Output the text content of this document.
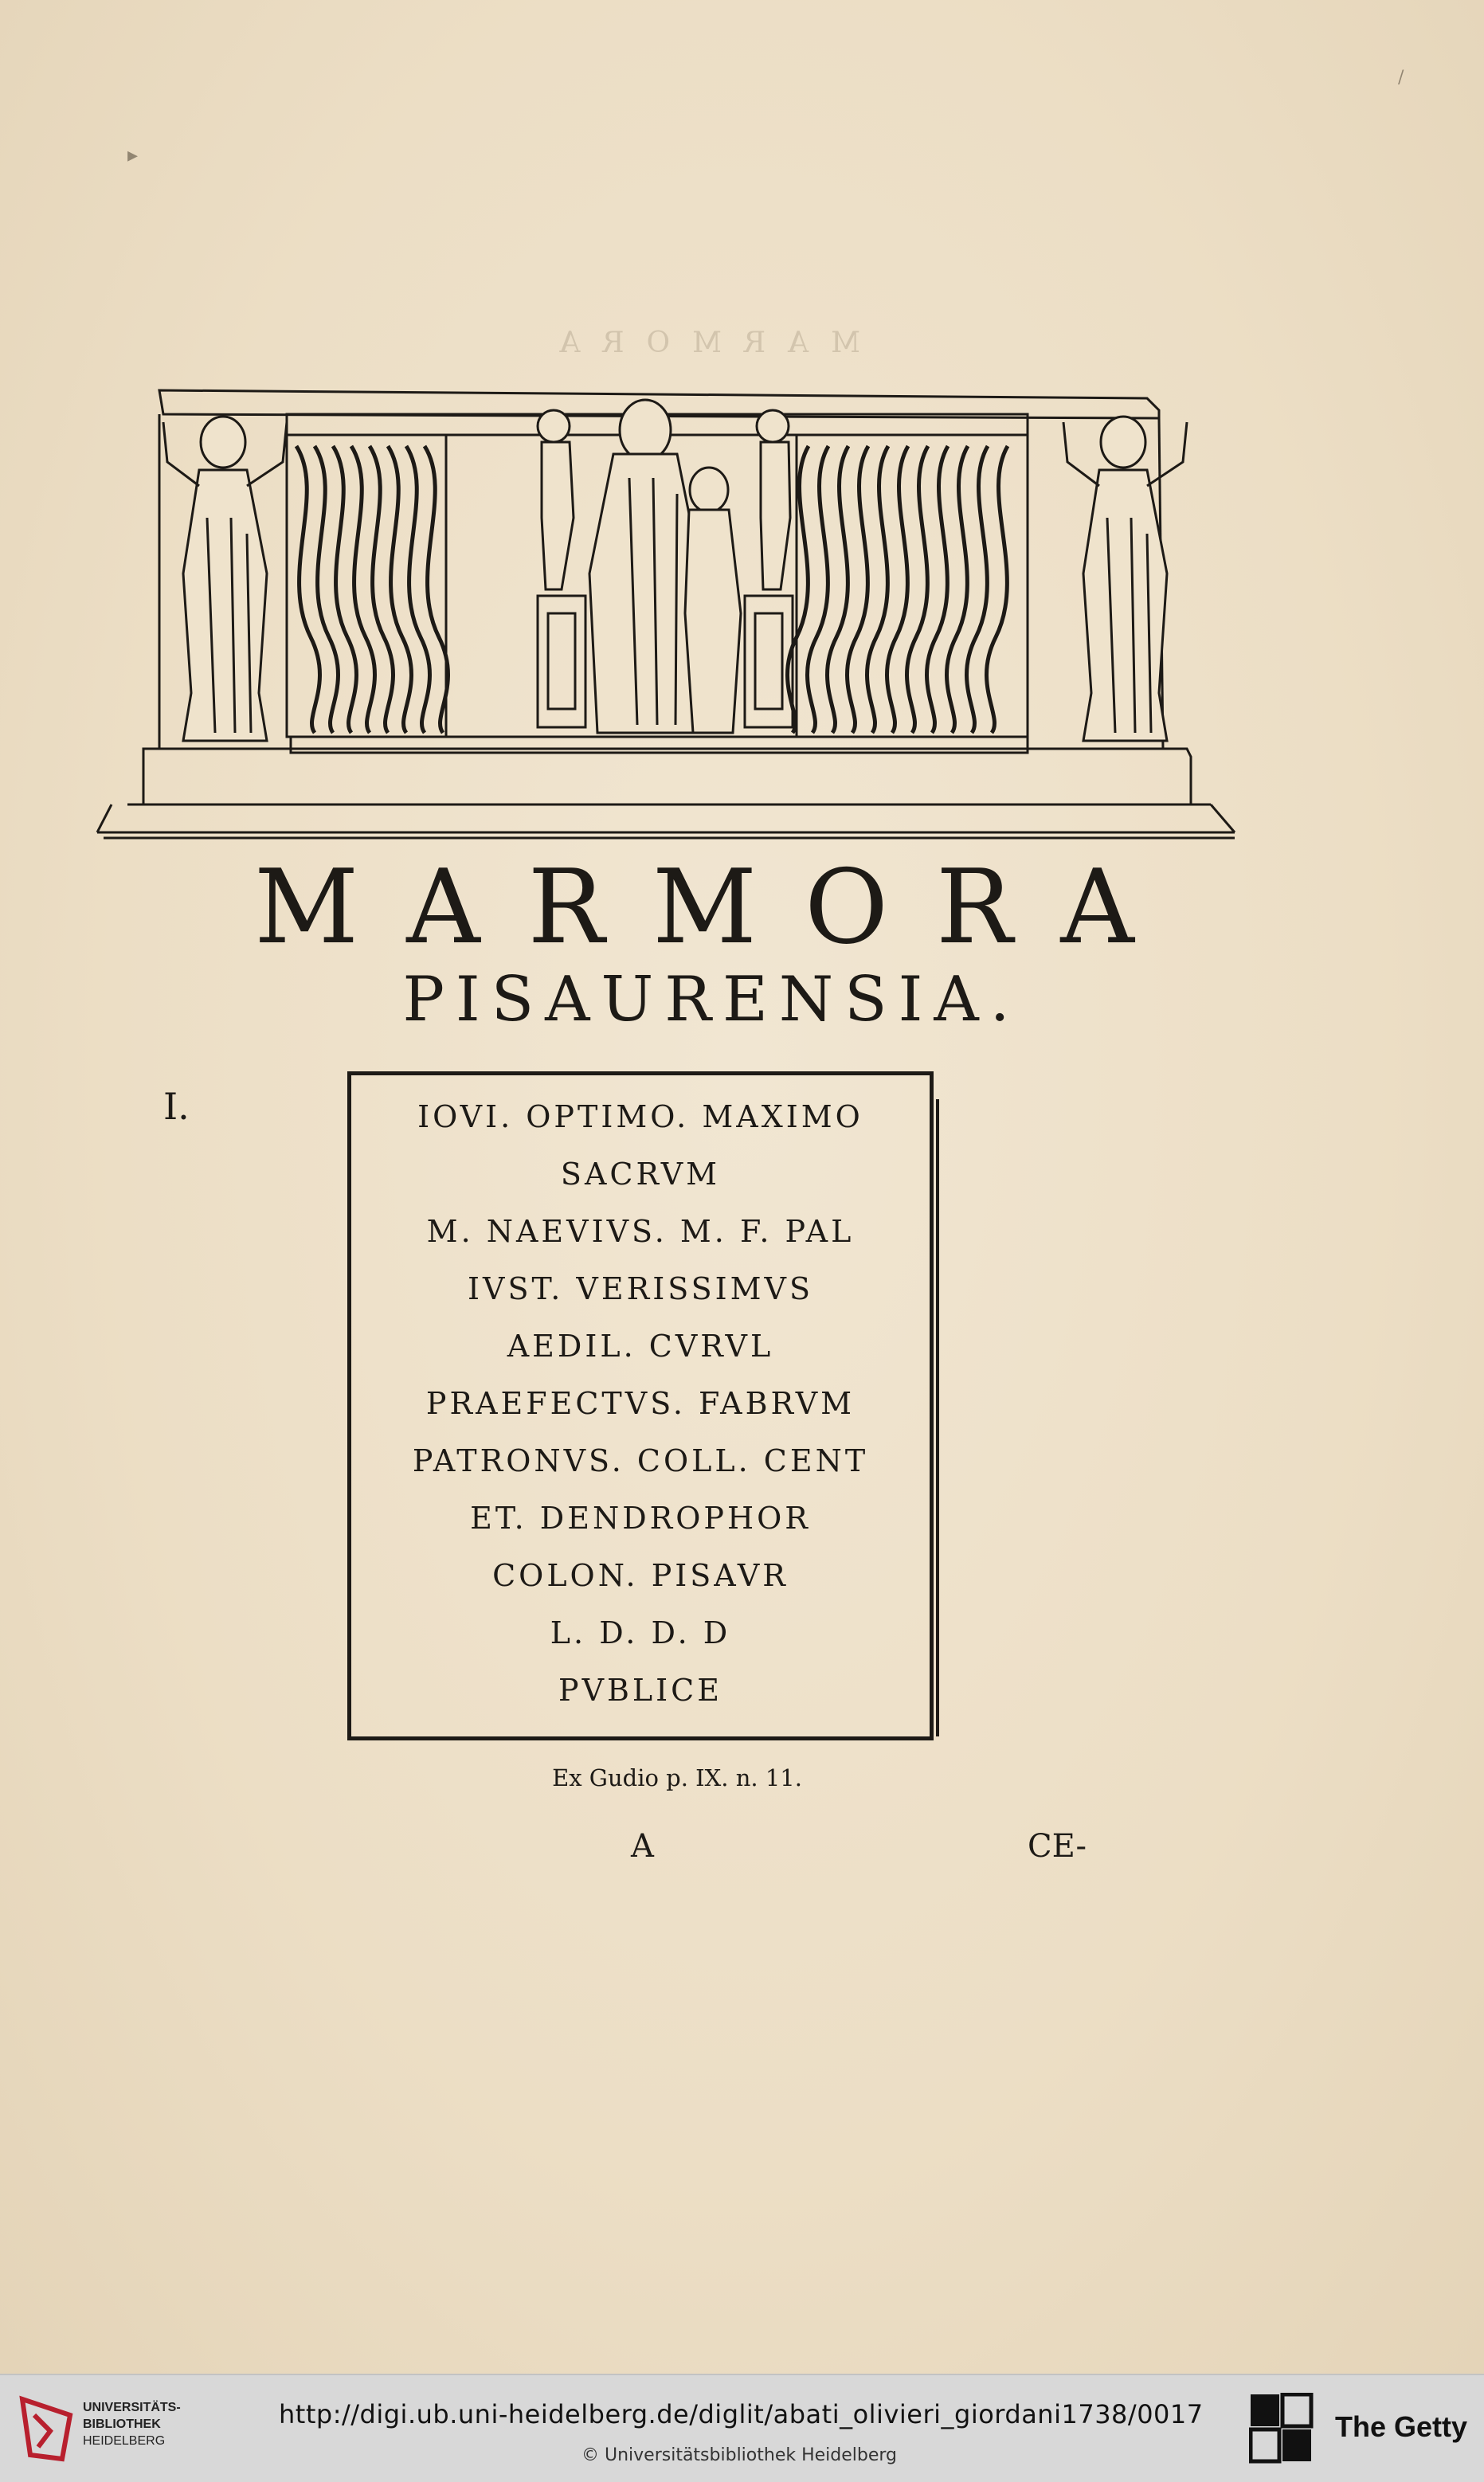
MARMORA
MARMORA
PISAURENSIA.
I.	IOVI. OPTIMO. MAXIMO
SACRVM
M. NAEVIVS. M. F. PAL
IVST. VERISSIMVS
AEDIL. CVRVL
PRAEFECTVS. FABRVM
PATRONVS. COLL. CENT
ET. DENDROPHOR
COLON. PISAVR
L. D. D. D
PVBLICE
Ex Gudio p. IX. n. 11.
A	CE-
▸
/
UNIVERSITÄTS-
BIBLIOTHEK
HEIDELBERG
http://digi.ub.uni-heidelberg.de/diglit/abati_olivieri_giordani1738/0017
© Universitätsbibliothek Heidelberg
The Getty
